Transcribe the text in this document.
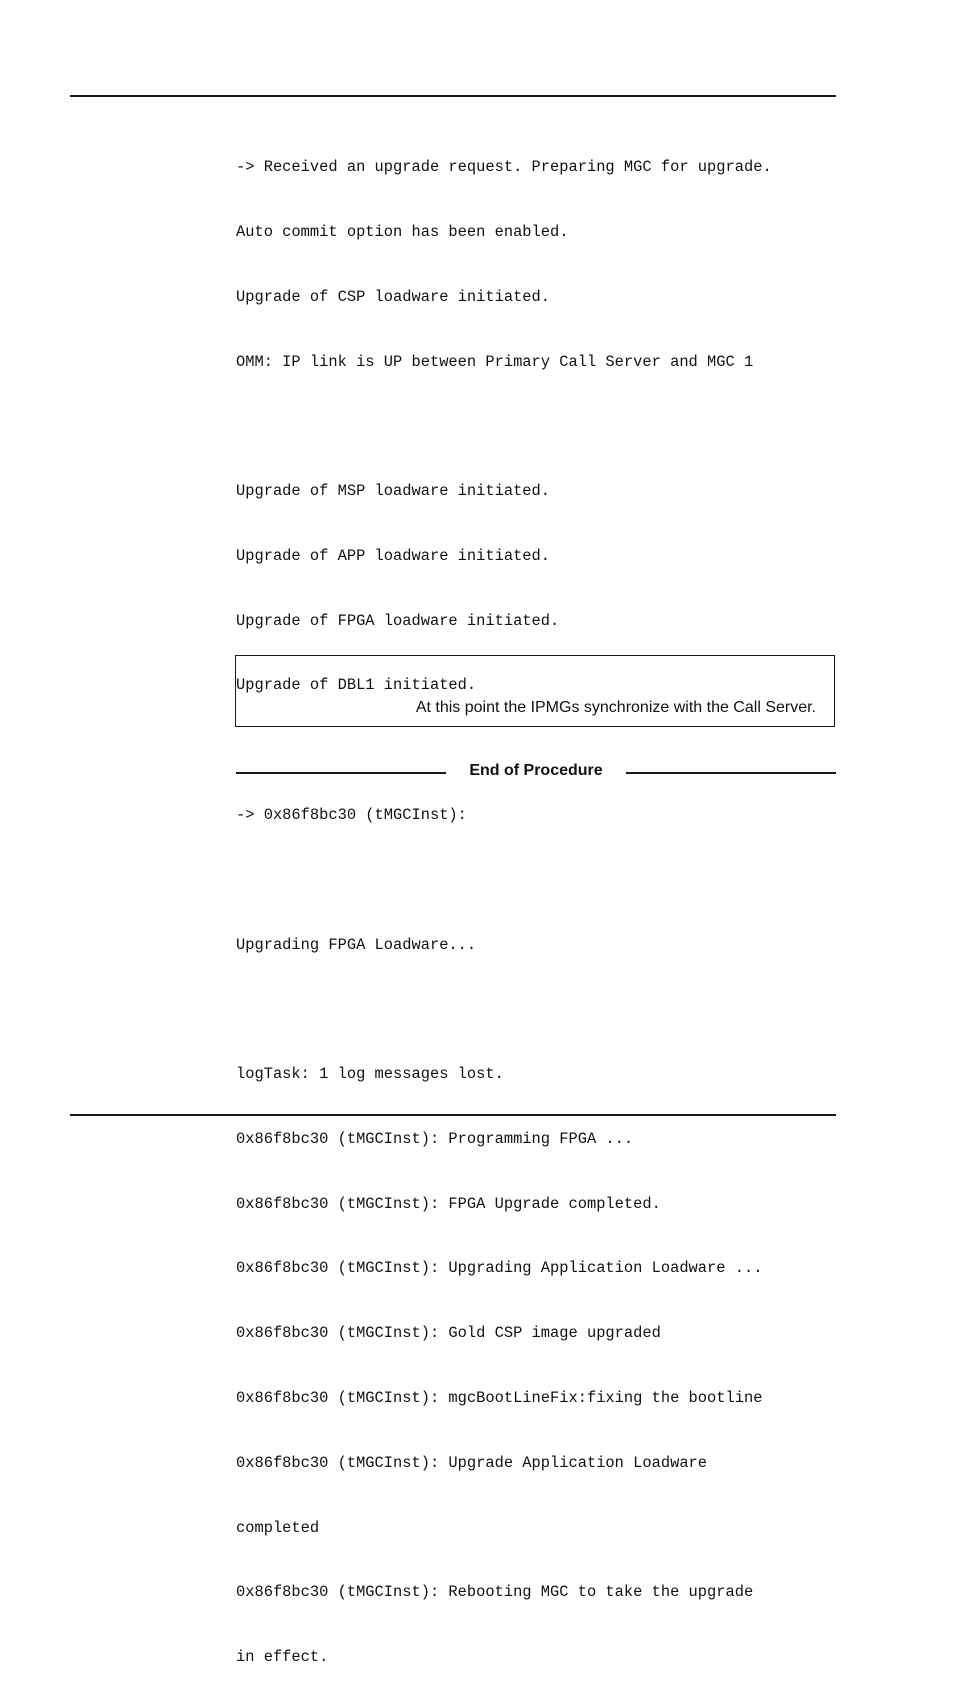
-> Received an upgrade request. Preparing MGC for upgrade.

Auto commit option has been enabled.

Upgrade of CSP loadware initiated.

OMM: IP link is UP between Primary Call Server and MGC 1

Upgrade of MSP loadware initiated.

Upgrade of APP loadware initiated.

Upgrade of FPGA loadware initiated.

Upgrade of DBL1 initiated.

-> 0x86f8bc30 (tMGCInst):

Upgrading FPGA Loadware...

logTask: 1 log messages lost.

0x86f8bc30 (tMGCInst): Programming FPGA ...

0x86f8bc30 (tMGCInst): FPGA Upgrade completed.

0x86f8bc30 (tMGCInst): Upgrading Application Loadware ...

0x86f8bc30 (tMGCInst): Gold CSP image upgraded

0x86f8bc30 (tMGCInst): mgcBootLineFix:fixing the bootline

0x86f8bc30 (tMGCInst): Upgrade Application Loadware

completed

0x86f8bc30 (tMGCInst): Rebooting MGC to take the upgrade

in effect.

At this point the IPMGs synchronize with the Call Server.
End of Procedure
